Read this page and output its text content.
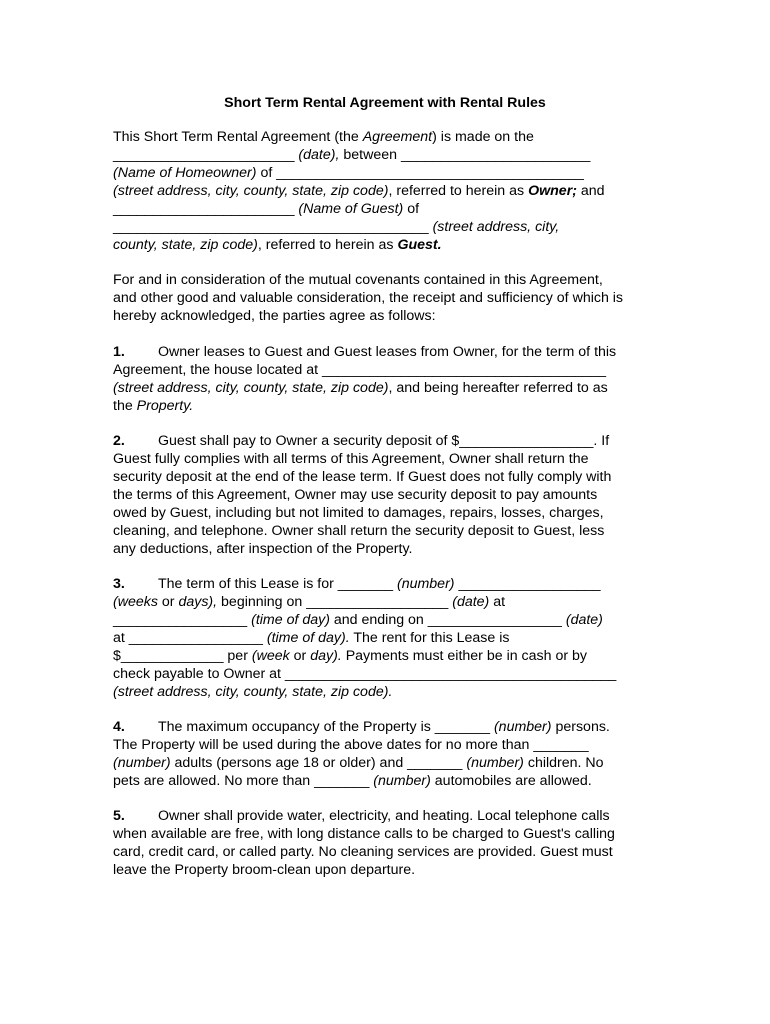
Short Term Rental Agreement with Rental Rules
This Short Term Rental Agreement (the Agreement) is made on the
_______________________ (date), between ________________________
(Name of Homeowner) of _______________________________________
(street address, city, county, state, zip code), referred to herein as Owner; and
_______________________ (Name of Guest) of
________________________________________ (street address, city,
county, state, zip code), referred to herein as Guest.
For and in consideration of the mutual covenants contained in this Agreement,
and other good and valuable consideration, the receipt and sufficiency of which is
hereby acknowledged, the parties agree as follows:
1. Owner leases to Guest and Guest leases from Owner, for the term of this
Agreement, the house located at ____________________________________
(street address, city, county, state, zip code), and being hereafter referred to as
the Property.
2. Guest shall pay to Owner a security deposit of $_________________. If
Guest fully complies with all terms of this Agreement, Owner shall return the
security deposit at the end of the lease term. If Guest does not fully comply with
the terms of this Agreement, Owner may use security deposit to pay amounts
owed by Guest, including but not limited to damages, repairs, losses, charges,
cleaning, and telephone. Owner shall return the security deposit to Guest, less
any deductions, after inspection of the Property.
3. The term of this Lease is for _______ (number) __________________
(weeks or days), beginning on __________________ (date) at
_________________ (time of day) and ending on _________________ (date)
at _________________ (time of day). The rent for this Lease is
$_____________ per (week or day). Payments must either be in cash or by
check payable to Owner at __________________________________________
(street address, city, county, state, zip code).
4. The maximum occupancy of the Property is _______ (number) persons.
The Property will be used during the above dates for no more than _______
(number) adults (persons age 18 or older) and _______ (number) children. No
pets are allowed. No more than _______ (number) automobiles are allowed.
5. Owner shall provide water, electricity, and heating. Local telephone calls
when available are free, with long distance calls to be charged to Guest's calling
card, credit card, or called party. No cleaning services are provided. Guest must
leave the Property broom-clean upon departure.
